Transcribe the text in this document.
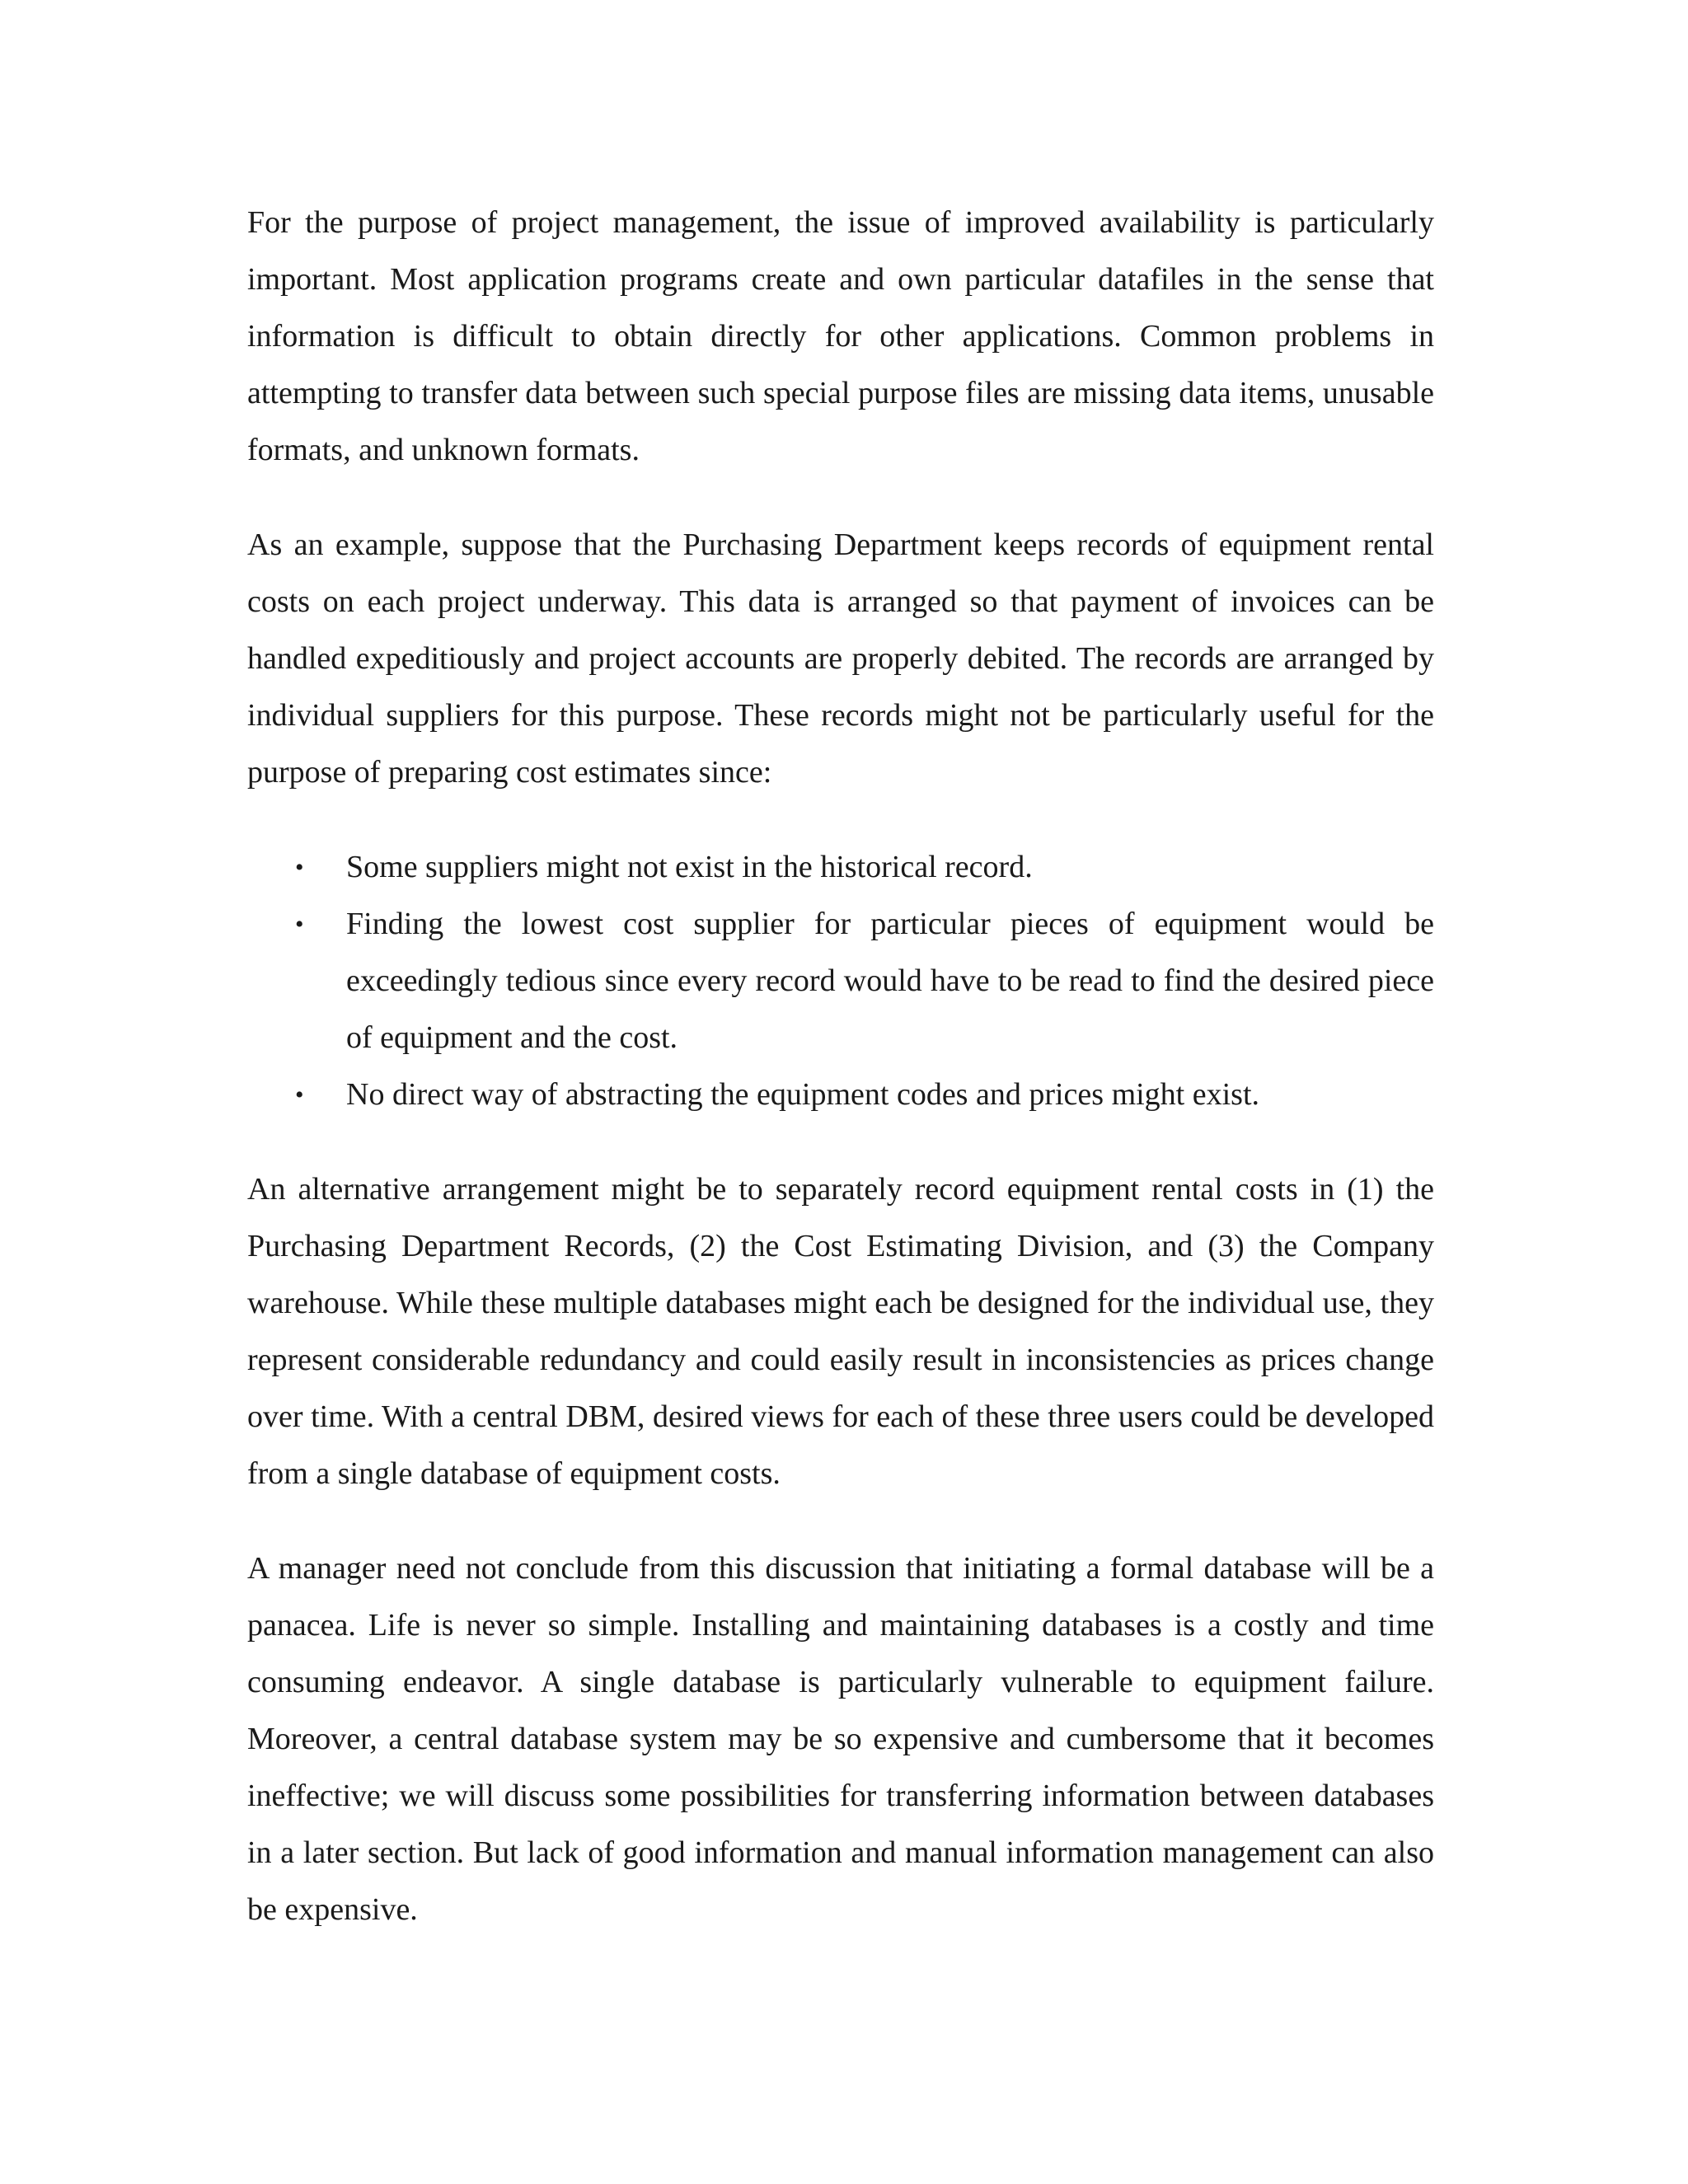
For the purpose of project management, the issue of improved availability is particularly important. Most application programs create and own particular datafiles in the sense that information is difficult to obtain directly for other applications. Common problems in attempting to transfer data between such special purpose files are missing data items, unusable formats, and unknown formats.

As an example, suppose that the Purchasing Department keeps records of equipment rental costs on each project underway. This data is arranged so that payment of invoices can be handled expeditiously and project accounts are properly debited. The records are arranged by individual suppliers for this purpose. These records might not be particularly useful for the purpose of preparing cost estimates since:

• Some suppliers might not exist in the historical record.
• Finding the lowest cost supplier for particular pieces of equipment would be exceedingly tedious since every record would have to be read to find the desired piece of equipment and the cost.
• No direct way of abstracting the equipment codes and prices might exist.

An alternative arrangement might be to separately record equipment rental costs in (1) the Purchasing Department Records, (2) the Cost Estimating Division, and (3) the Company warehouse. While these multiple databases might each be designed for the individual use, they represent considerable redundancy and could easily result in inconsistencies as prices change over time. With a central DBM, desired views for each of these three users could be developed from a single database of equipment costs.

A manager need not conclude from this discussion that initiating a formal database will be a panacea. Life is never so simple. Installing and maintaining databases is a costly and time consuming endeavor. A single database is particularly vulnerable to equipment failure. Moreover, a central database system may be so expensive and cumbersome that it becomes ineffective; we will discuss some possibilities for transferring information between databases in a later section. But lack of good information and manual information management can also be expensive.
